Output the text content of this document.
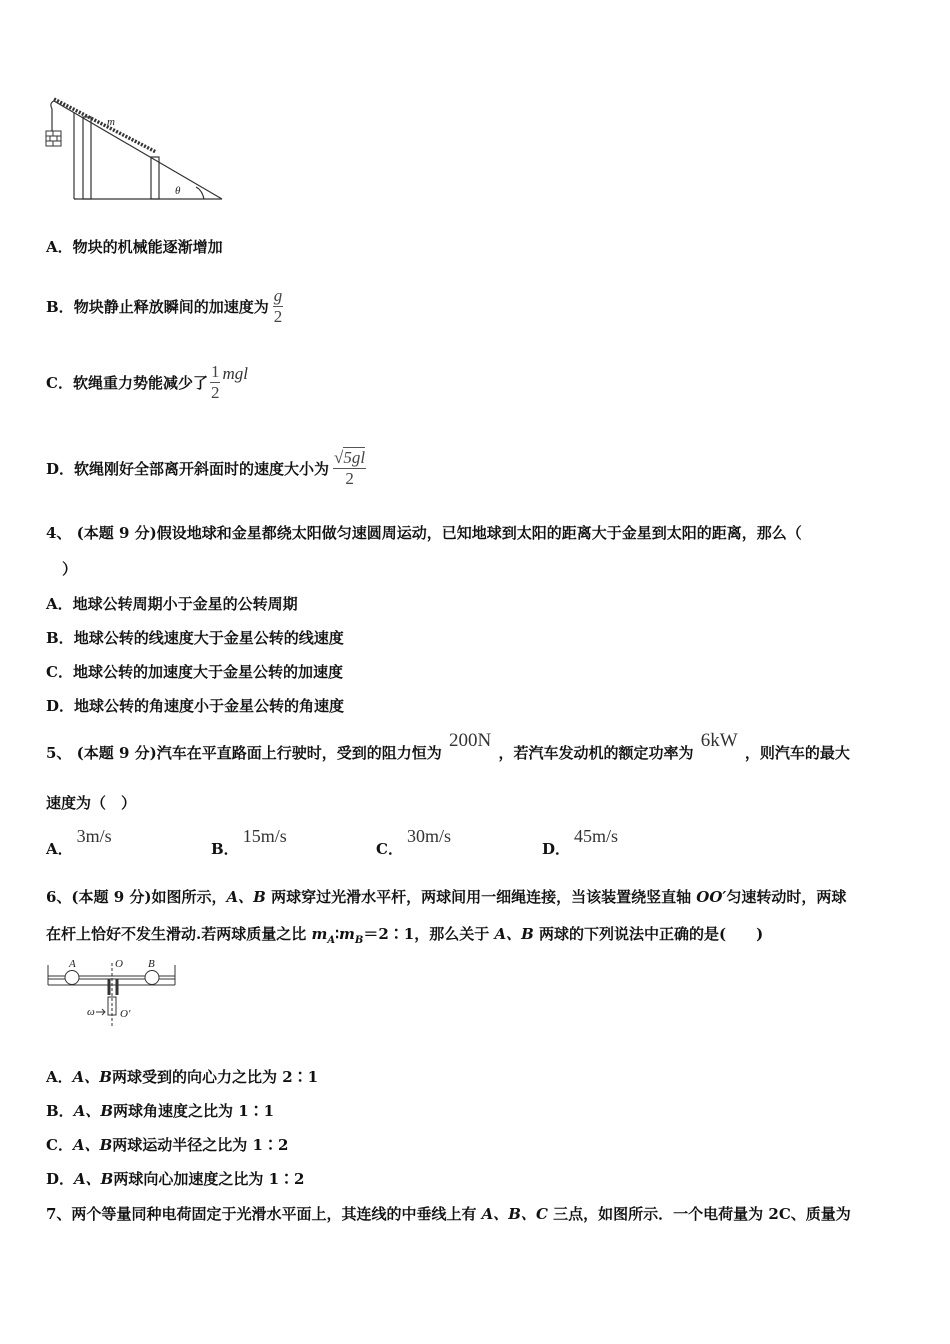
m
θ
A．物块的机械能逐渐增加
B． 物块静止释放瞬间的加速度为 $\frac{g}{2}$
C． 软绳重力势能减少了 $\frac{1}{2}$ mgl
D． 软绳刚好全部离开斜面时的速度大小为 $\frac{√5gl}{2}$
4、 (本题 9 分)假设地球和金星都绕太阳做匀速圆周运动，已知地球到太阳的距离大于金星到太阳的距离，那么（
）
A．地球公转周期小于金星的公转周期
B．地球公转的线速度大于金星公转的线速度
C．地球公转的加速度大于金星公转的加速度
D．地球公转的角速度小于金星公转的角速度
5、 (本题 9 分)汽车在平直路面上行驶时，受到的阻力恒为 200N ，若汽车发动机的额定功率为 6kW ，则汽车的最大
速度为（　）
A．3m/s
B．15m/s
C．30m/s
D．45m/s
6、(本题 9 分)如图所示，A、B 两球穿过光滑水平杆，两球间用一细绳连接，当该装置绕竖直轴 OO′匀速转动时，两球
在杆上恰好不发生滑动.若两球质量之比 $m_A∶m_B=2∶1$，那么关于 A、B 两球的下列说法中正确的是(　　)
A	O B
ω O′
A．A、B两球受到的向心力之比为 2∶1
B．A、B两球角速度之比为 1∶1
C．A、B两球运动半径之比为 1∶2
D．A、B两球向心加速度之比为 1∶2
7、两个等量同种电荷固定于光滑水平面上，其连线的中垂线上有 A、B、C 三点，如图所示．一个电荷量为 2C、质量为
